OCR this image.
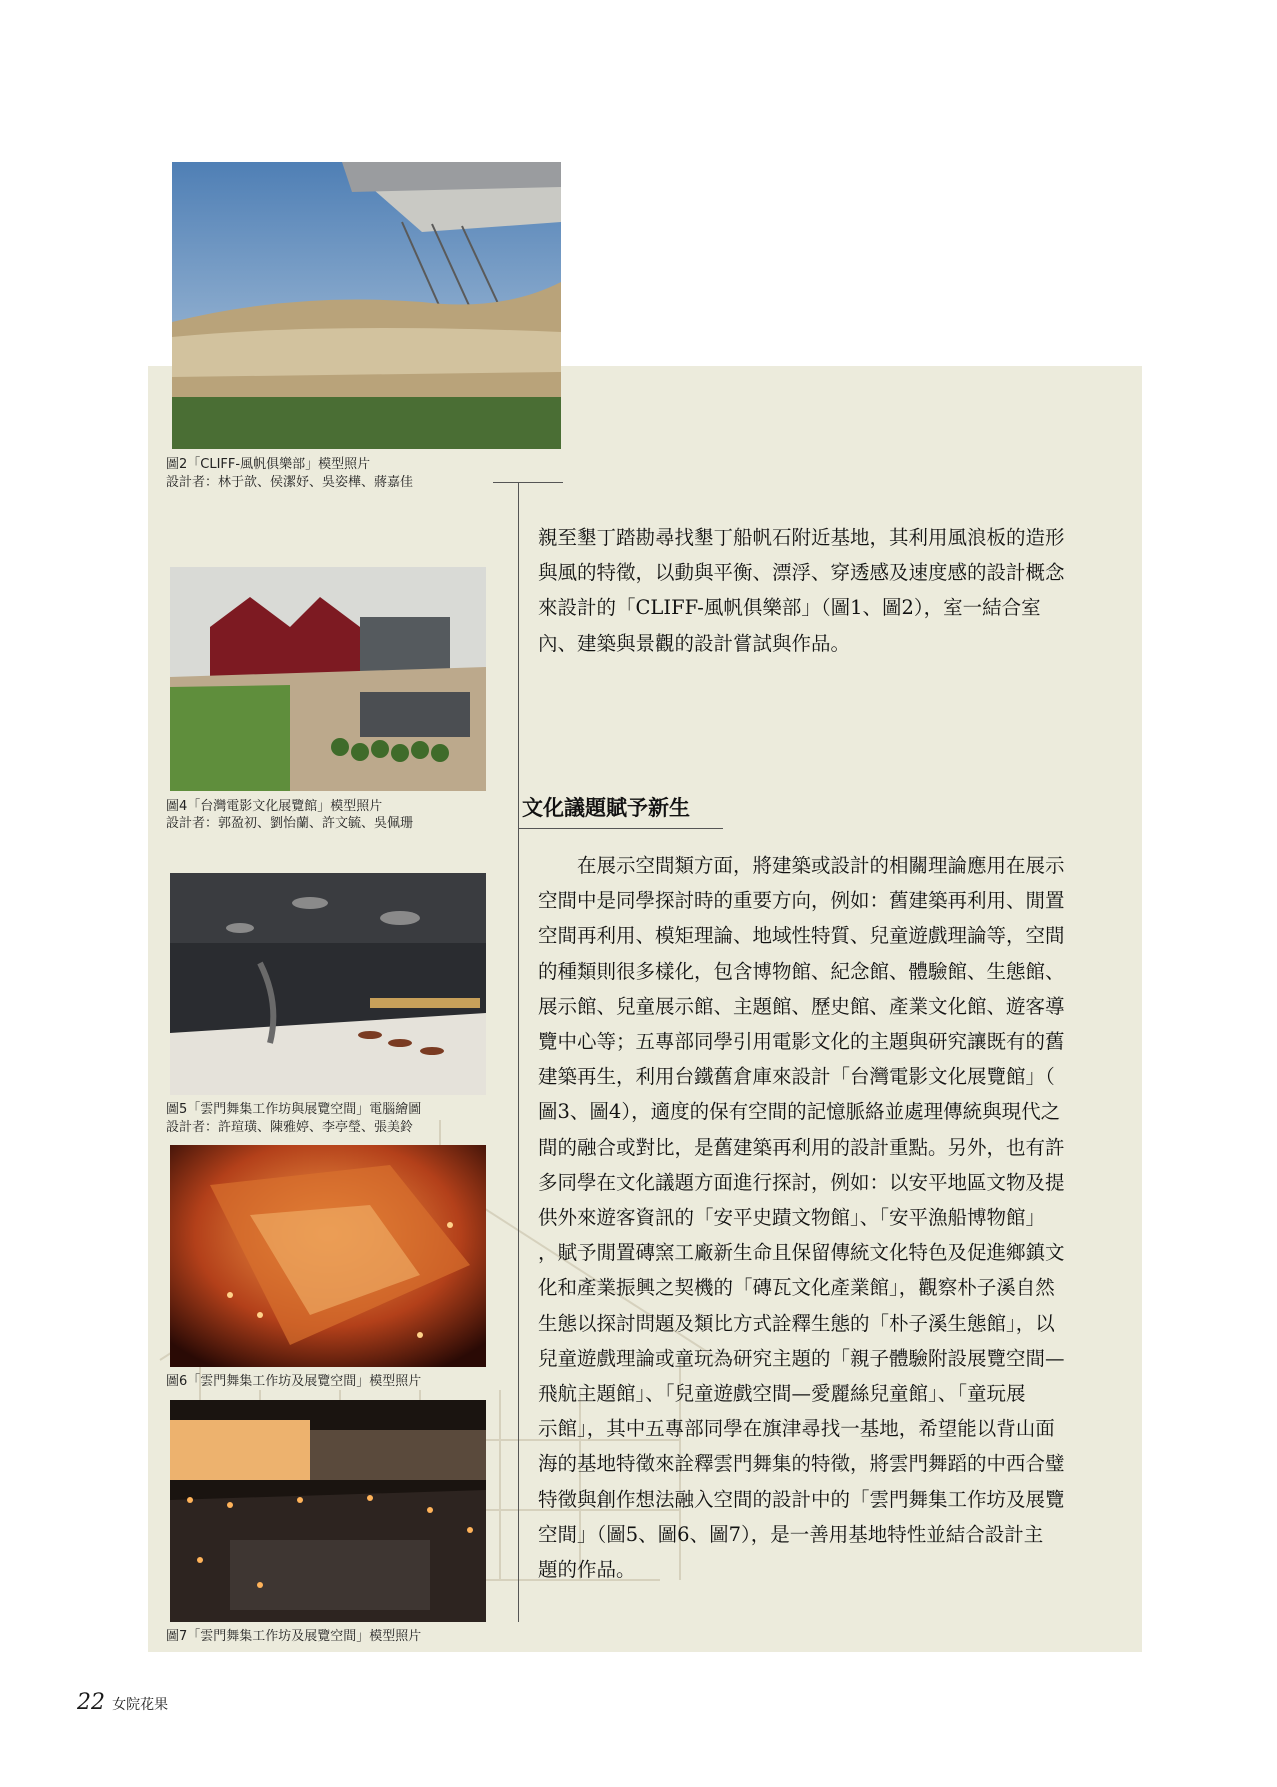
圖2「CLIFF-風帆俱樂部」模型照片
設計者：林于歆、侯潔妤、吳姿樺、蔣嘉佳
圖4「台灣電影文化展覽館」模型照片
設計者：郭盈初、劉怡蘭、許文毓、吳佩珊
圖5「雲門舞集工作坊與展覽空間」電腦繪圖
設計者：許瑄璜、陳雅婷、李亭瑩、張美鈴
圖6「雲門舞集工作坊及展覽空間」模型照片
圖7「雲門舞集工作坊及展覽空間」模型照片

親至墾丁踏勘尋找墾丁船帆石附近基地，其利用風浪板的造形

與風的特徵，以動與平衡、漂浮、穿透感及速度感的設計概念

來設計的「CLIFF-風帆俱樂部」（圖1、圖2），室一結合室

內、建築與景觀的設計嘗試與作品。

文化議題賦予新生

　　在展示空間類方面，將建築或設計的相關理論應用在展示

空間中是同學探討時的重要方向，例如：舊建築再利用、閒置

空間再利用、模矩理論、地域性特質、兒童遊戲理論等，空間

的種類則很多樣化，包含博物館、紀念館、體驗館、生態館、

展示館、兒童展示館、主題館、歷史館、產業文化館、遊客導

覽中心等；五專部同學引用電影文化的主題與研究讓既有的舊

建築再生，利用台鐵舊倉庫來設計「台灣電影文化展覽館」（

圖3、圖4），適度的保有空間的記憶脈絡並處理傳統與現代之

間的融合或對比，是舊建築再利用的設計重點。另外，也有許

多同學在文化議題方面進行探討，例如：以安平地區文物及提

供外來遊客資訊的「安平史蹟文物館」、「安平漁船博物館」

，賦予閒置磚窯工廠新生命且保留傳統文化特色及促進鄉鎮文

化和產業振興之契機的「磚瓦文化產業館」，觀察朴子溪自然

生態以探討問題及類比方式詮釋生態的「朴子溪生態館」，以

兒童遊戲理論或童玩為研究主題的「親子體驗附設展覽空間—

飛航主題館」、「兒童遊戲空間—愛麗絲兒童館」、「童玩展

示館」，其中五專部同學在旗津尋找一基地，希望能以背山面

海的基地特徵來詮釋雲門舞集的特徵，將雲門舞蹈的中西合璧

特徵與創作想法融入空間的設計中的「雲門舞集工作坊及展覽

空間」（圖5、圖6、圖7），是一善用基地特性並結合設計主

題的作品。

22 女院花果
